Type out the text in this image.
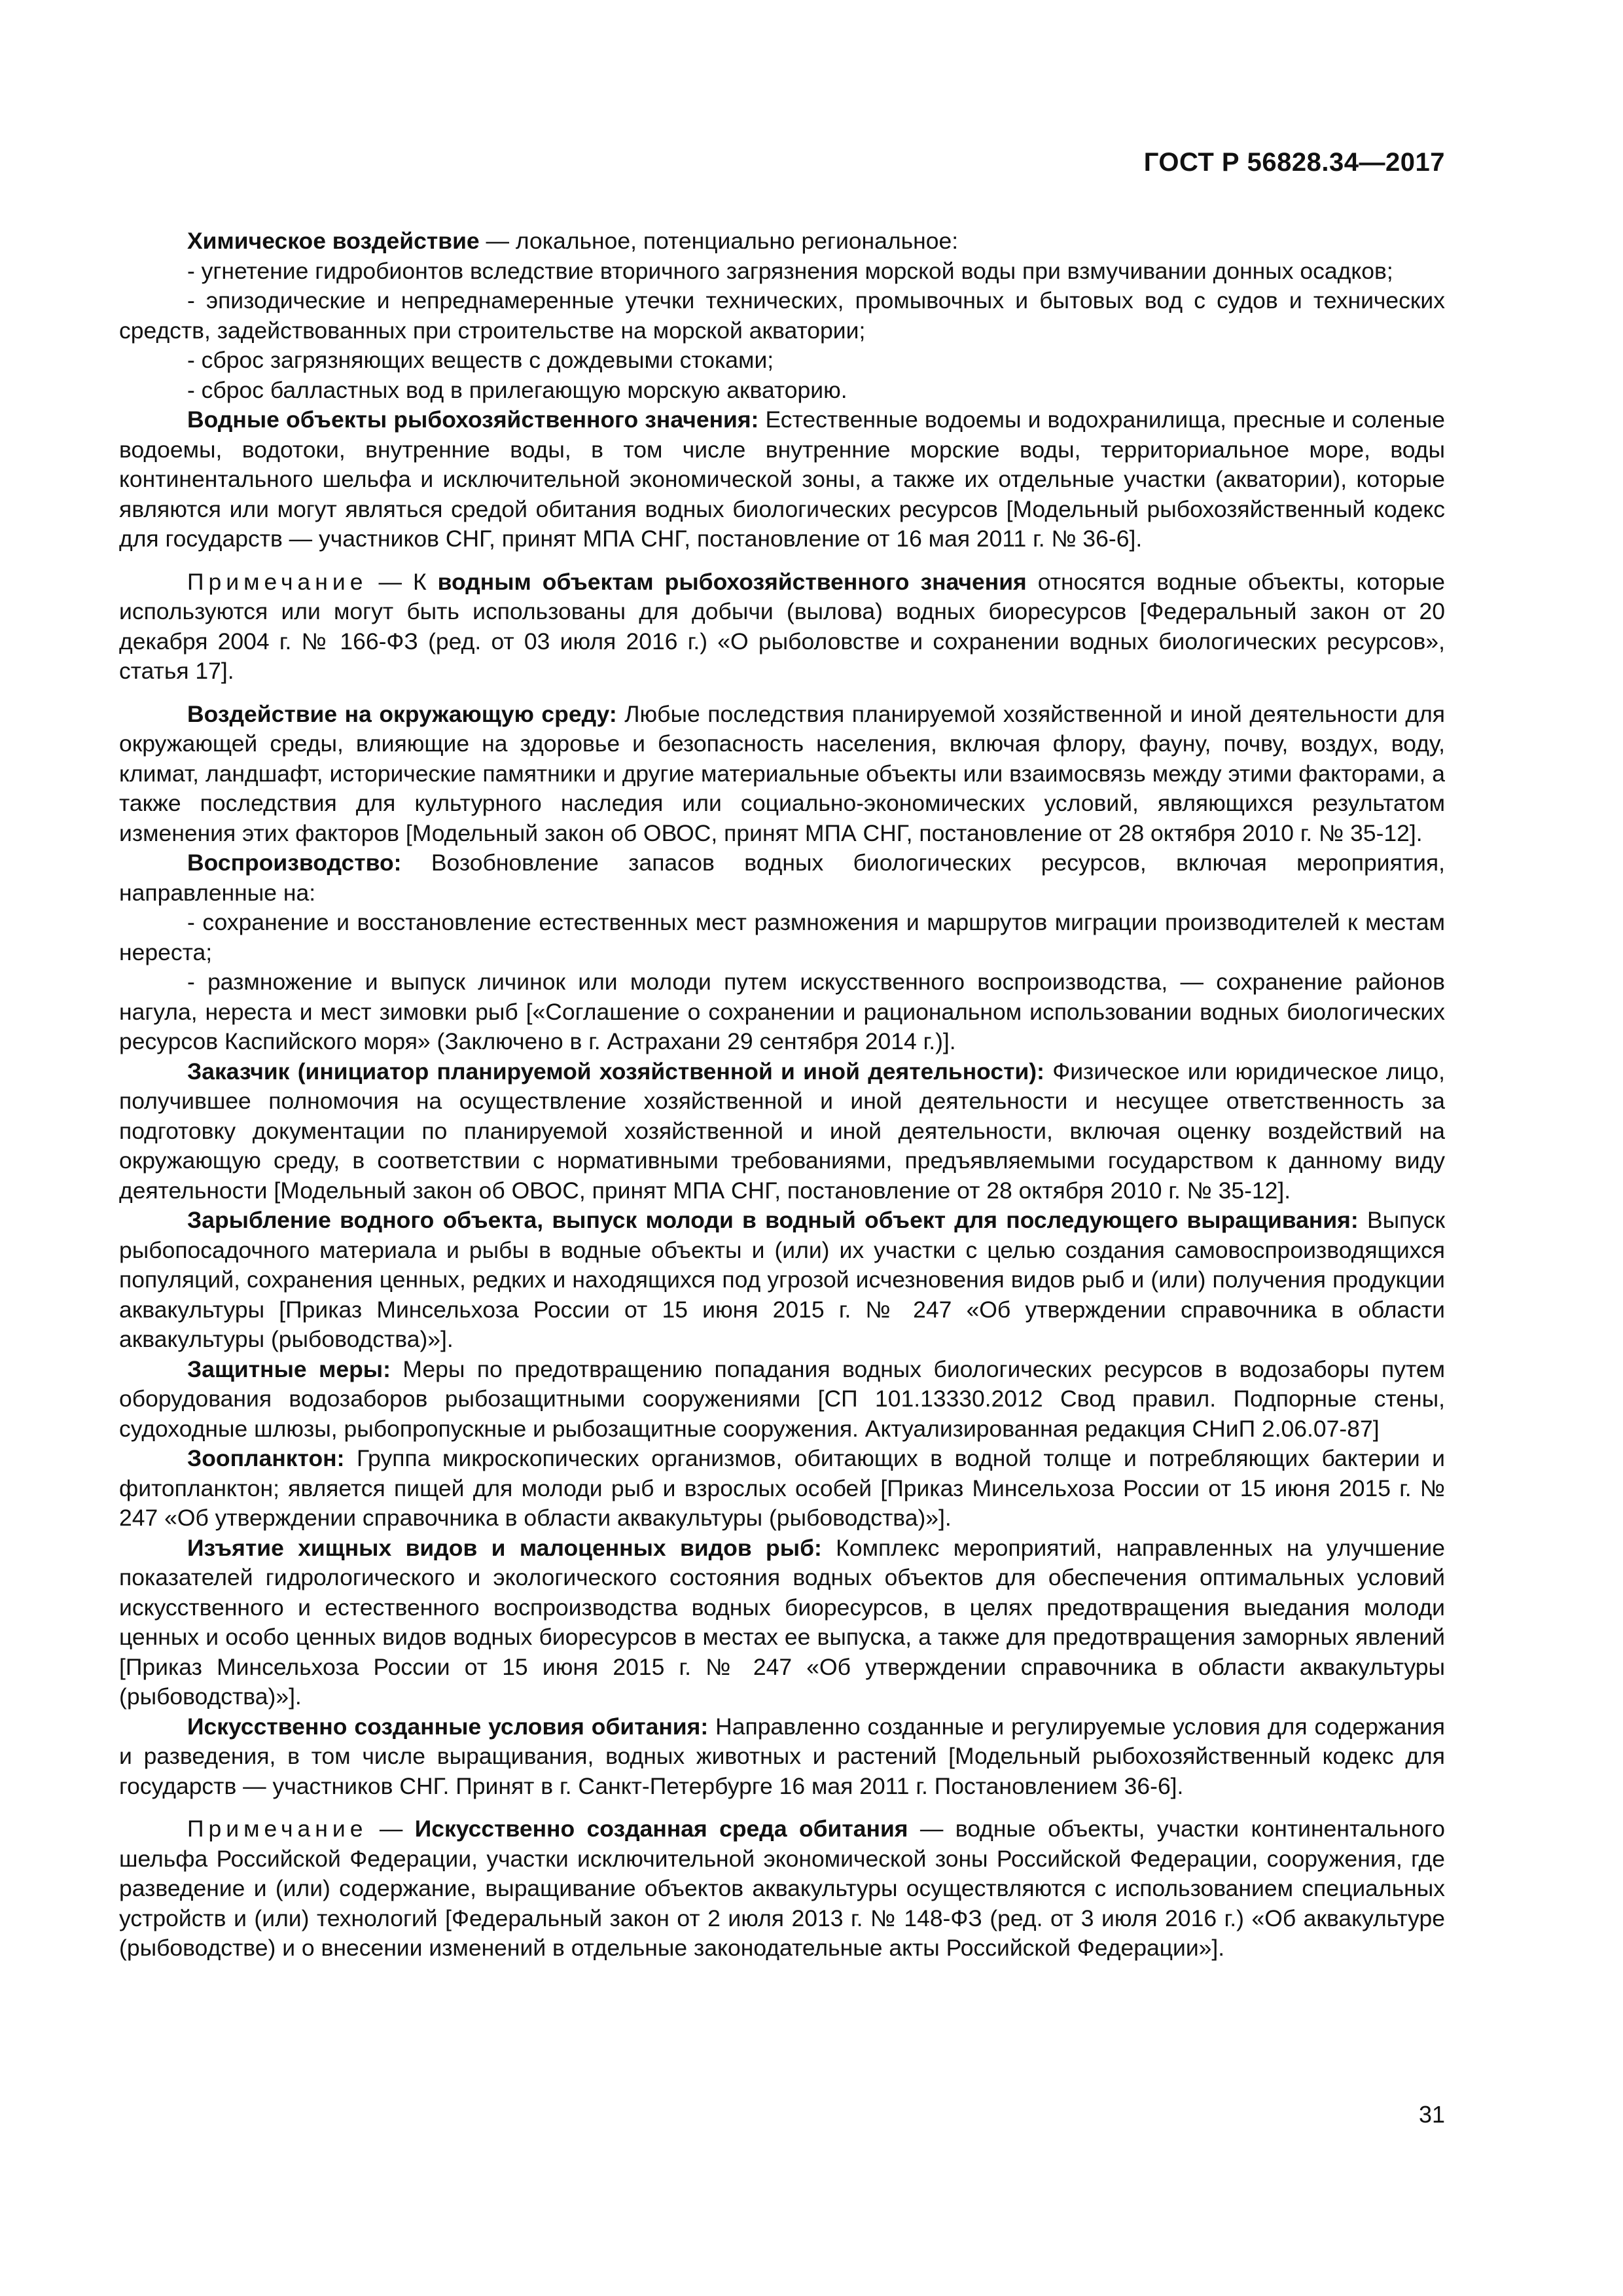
ГОСТ Р 56828.34—2017

Химическое воздействие — локальное, потенциально региональное:

- угнетение гидробионтов вследствие вторичного загрязнения морской воды при взмучивании донных осадков;

- эпизодические и непреднамеренные утечки технических, промывочных и бытовых вод с судов и технических средств, задействованных при строительстве на морской акватории;

- сброс загрязняющих веществ с дождевыми стоками;

- сброс балластных вод в прилегающую морскую акваторию.

Водные объекты рыбохозяйственного значения: Естественные водоемы и водохранилища, пресные и соленые водоемы, водотоки, внутренние воды, в том числе внутренние морские воды, территориальное море, воды континентального шельфа и исключительной экономической зоны, а также их отдельные участки (акватории), которые являются или могут являться средой обитания водных биологических ресурсов [Модельный рыбохозяйственный кодекс для государств — участников СНГ, принят МПА СНГ, постановление от 16 мая 2011 г. № 36-6].

Примечание — К водным объектам рыбохозяйственного значения относятся водные объекты, которые используются или могут быть использованы для добычи (вылова) водных биоресурсов [Федеральный закон от 20 декабря 2004 г. № 166-ФЗ (ред. от 03 июля 2016 г.) «О рыболовстве и сохранении водных биологических ресурсов», статья 17].

Воздействие на окружающую среду: Любые последствия планируемой хозяйственной и иной деятельности для окружающей среды, влияющие на здоровье и безопасность населения, включая флору, фауну, почву, воздух, воду, климат, ландшафт, исторические памятники и другие материальные объекты или взаимосвязь между этими факторами, а также последствия для культурного наследия или социально-экономических условий, являющихся результатом изменения этих факторов [Модельный закон об ОВОС, принят МПА СНГ, постановление от 28 октября 2010 г. № 35-12].

Воспроизводство: Возобновление запасов водных биологических ресурсов, включая мероприятия, направленные на:

- сохранение и восстановление естественных мест размножения и маршрутов миграции производителей к местам нереста;

- размножение и выпуск личинок или молоди путем искусственного воспроизводства, — сохранение районов нагула, нереста и мест зимовки рыб [«Соглашение о сохранении и рациональном использовании водных биологических ресурсов Каспийского моря» (Заключено в г. Астрахани 29 сентября 2014 г.)].

Заказчик (инициатор планируемой хозяйственной и иной деятельности): Физическое или юридическое лицо, получившее полномочия на осуществление хозяйственной и иной деятельности и несущее ответственность за подготовку документации по планируемой хозяйственной и иной деятельности, включая оценку воздействий на окружающую среду, в соответствии с нормативными требованиями, предъявляемыми государством к данному виду деятельности [Модельный закон об ОВОС, принят МПА СНГ, постановление от 28 октября 2010 г. № 35-12].

Зарыбление водного объекта, выпуск молоди в водный объект для последующего выращивания: Выпуск рыбопосадочного материала и рыбы в водные объекты и (или) их участки с целью создания самовоспроизводящихся популяций, сохранения ценных, редких и находящихся под угрозой исчезновения видов рыб и (или) получения продукции аквакультуры [Приказ Минсельхоза России от 15 июня 2015 г. № 247 «Об утверждении справочника в области аквакультуры (рыбоводства)»].

Защитные меры: Меры по предотвращению попадания водных биологических ресурсов в водозаборы путем оборудования водозаборов рыбозащитными сооружениями [СП 101.13330.2012 Свод правил. Подпорные стены, судоходные шлюзы, рыбопропускные и рыбозащитные сооружения. Актуализированная редакция СНиП 2.06.07-87]

Зоопланктон: Группа микроскопических организмов, обитающих в водной толще и потребляющих бактерии и фитопланктон; является пищей для молоди рыб и взрослых особей [Приказ Минсельхоза России от 15 июня 2015 г. № 247 «Об утверждении справочника в области аквакультуры (рыбоводства)»].

Изъятие хищных видов и малоценных видов рыб: Комплекс мероприятий, направленных на улучшение показателей гидрологического и экологического состояния водных объектов для обеспечения оптимальных условий искусственного и естественного воспроизводства водных биоресурсов, в целях предотвращения выедания молоди ценных и особо ценных видов водных биоресурсов в местах ее выпуска, а также для предотвращения заморных явлений [Приказ Минсельхоза России от 15 июня 2015 г. № 247 «Об утверждении справочника в области аквакультуры (рыбоводства)»].

Искусственно созданные условия обитания: Направленно созданные и регулируемые условия для содержания и разведения, в том числе выращивания, водных животных и растений [Модельный рыбохозяйственный кодекс для государств — участников СНГ. Принят в г. Санкт-Петербурге 16 мая 2011 г. Постановлением 36-6].

Примечание — Искусственно созданная среда обитания — водные объекты, участки континентального шельфа Российской Федерации, участки исключительной экономической зоны Российской Федерации, сооружения, где разведение и (или) содержание, выращивание объектов аквакультуры осуществляются с использованием специальных устройств и (или) технологий [Федеральный закон от 2 июля 2013 г. № 148-ФЗ (ред. от 3 июля 2016 г.) «Об аквакультуре (рыбоводстве) и о внесении изменений в отдельные законодательные акты Российской Федерации»].

31
